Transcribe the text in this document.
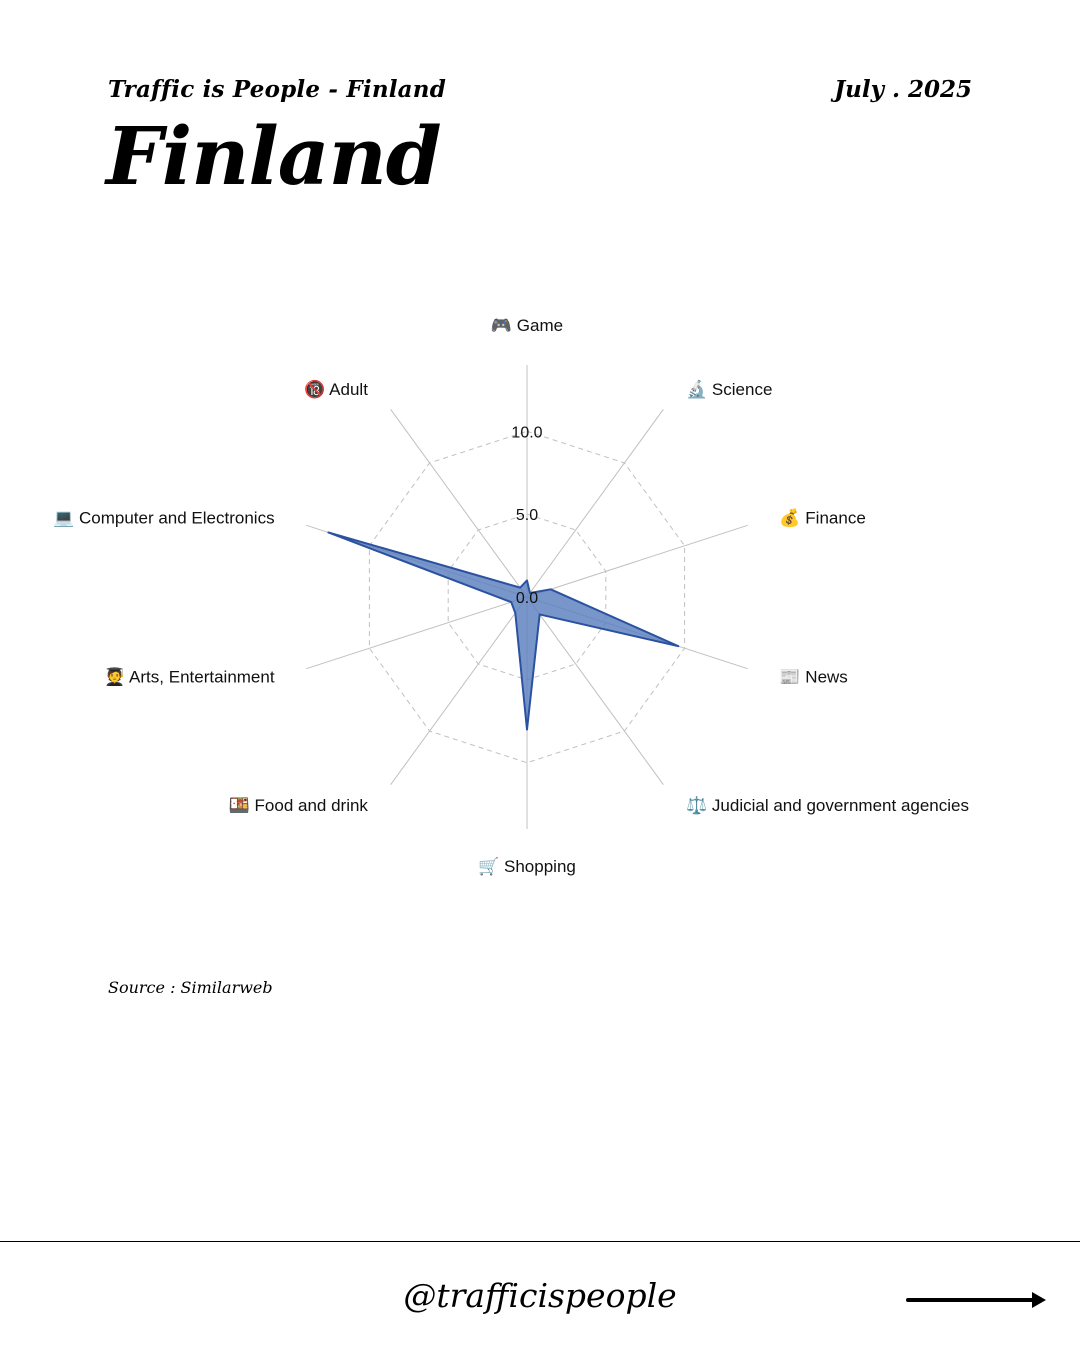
Traffic is People - Finland	July . 2025
Finland
0.0
5.0
10.0
🎮 Game
🔬 Science
💰 Finance
📰 News
⚖️ Judicial and government agencies
🛒 Shopping
🍱 Food and drink
🧑‍🎓 Arts, Entertainment
💻 Computer and Electronics
🔞 Adult
Source : Similarweb
@trafficispeople
